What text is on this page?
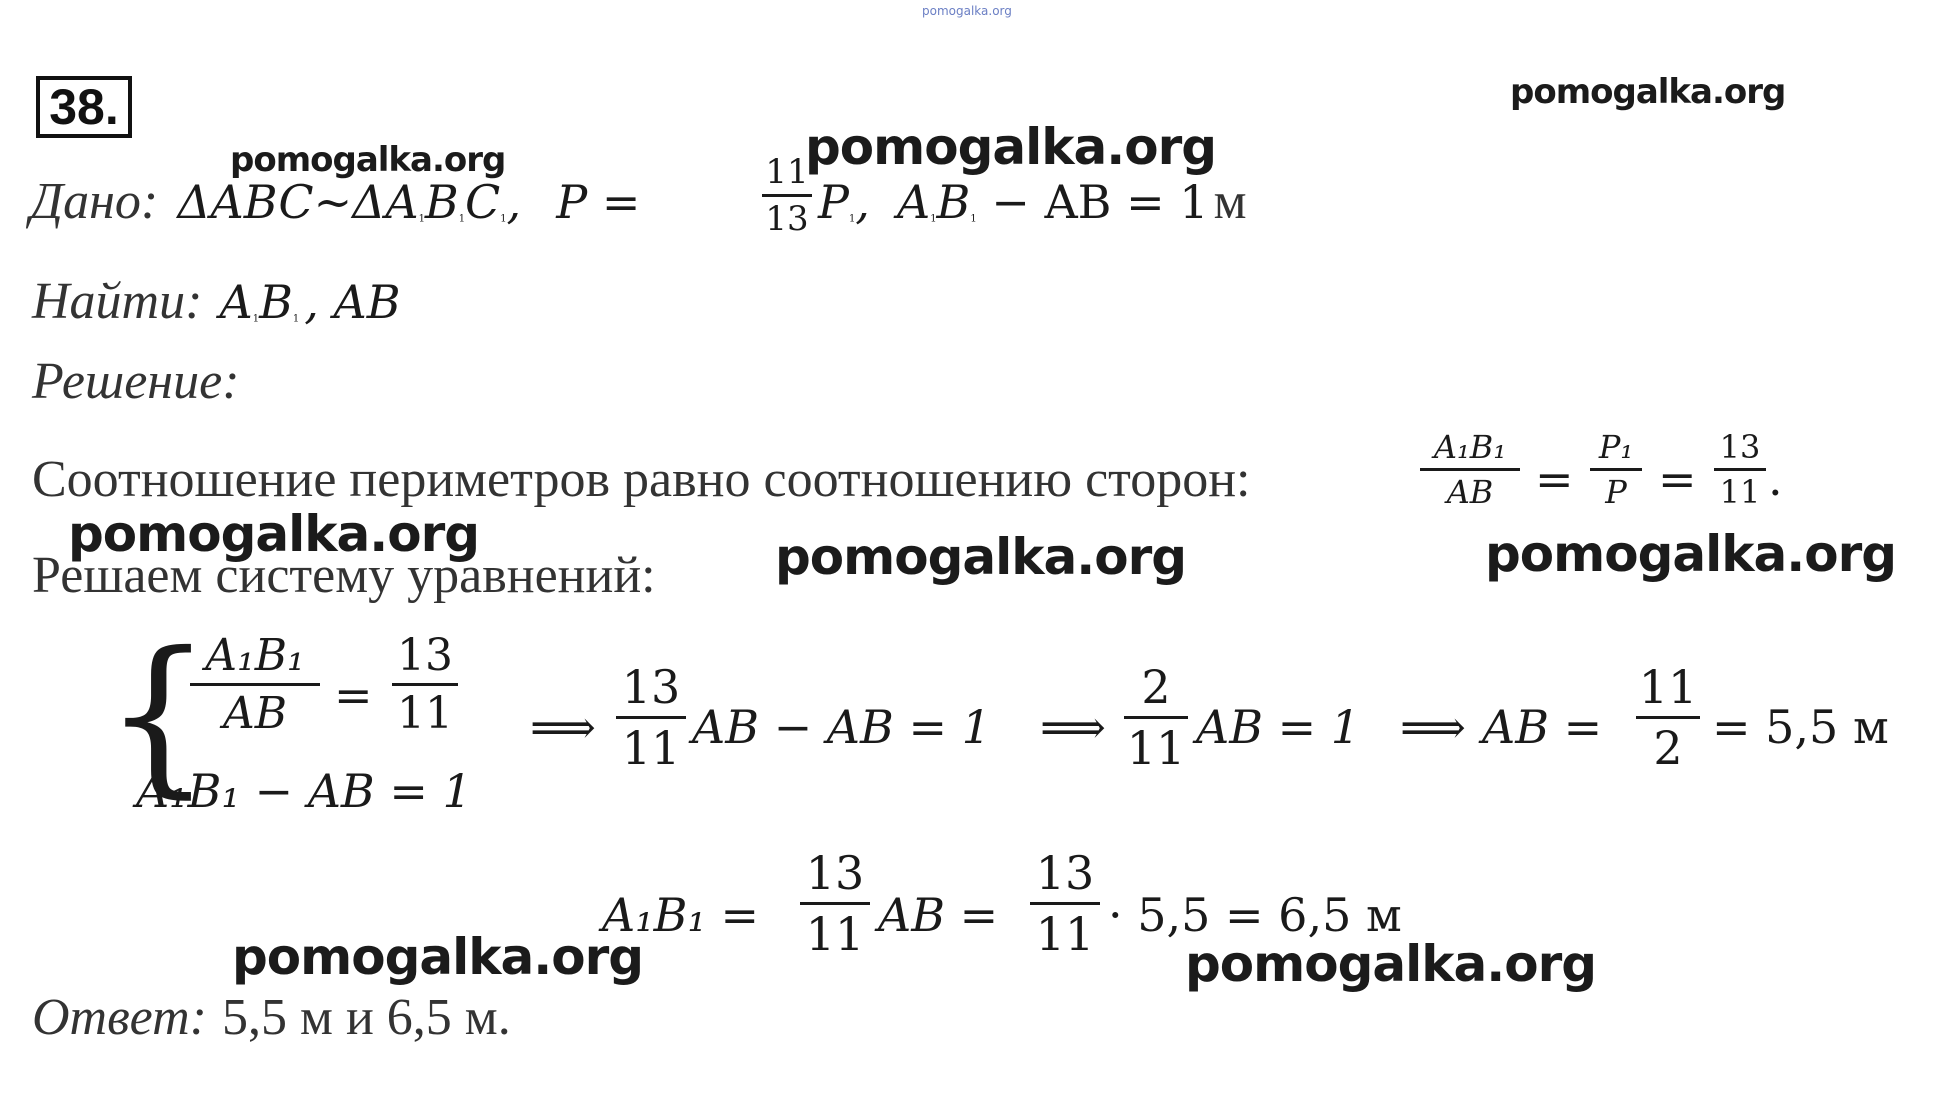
pomogalka.org
pomogalka.org
pomogalka.org	pomogalka.org
pomogalka.org	pomogalka.org	pomogalka.org
pomogalka.org	pomogalka.org
38.
Дано: $\Delta ABC\sim\Delta A_1B_1C_1$, P =
11
13 $P_1$, $A_1B_1$ − AB = 1 м
Найти: $A_1B_1$ , AB
Решение:
Соотношение периметров равно соотношению сторон:
A₁B₁
AB =
P₁
P =
13
11 .
Решаем систему уравнений:
{
A₁B₁
AB	=
13
11
A₁B₁ − AB = 1
⟹
13
11 AB − AB = 1 ⟹
2
11 AB = 1 ⟹ AB =
11
2 = 5,5 м
A₁B₁ =
13
11 AB =
13
11 · 5,5 = 6,5 м
Ответ: 5,5 м и 6,5 м.
